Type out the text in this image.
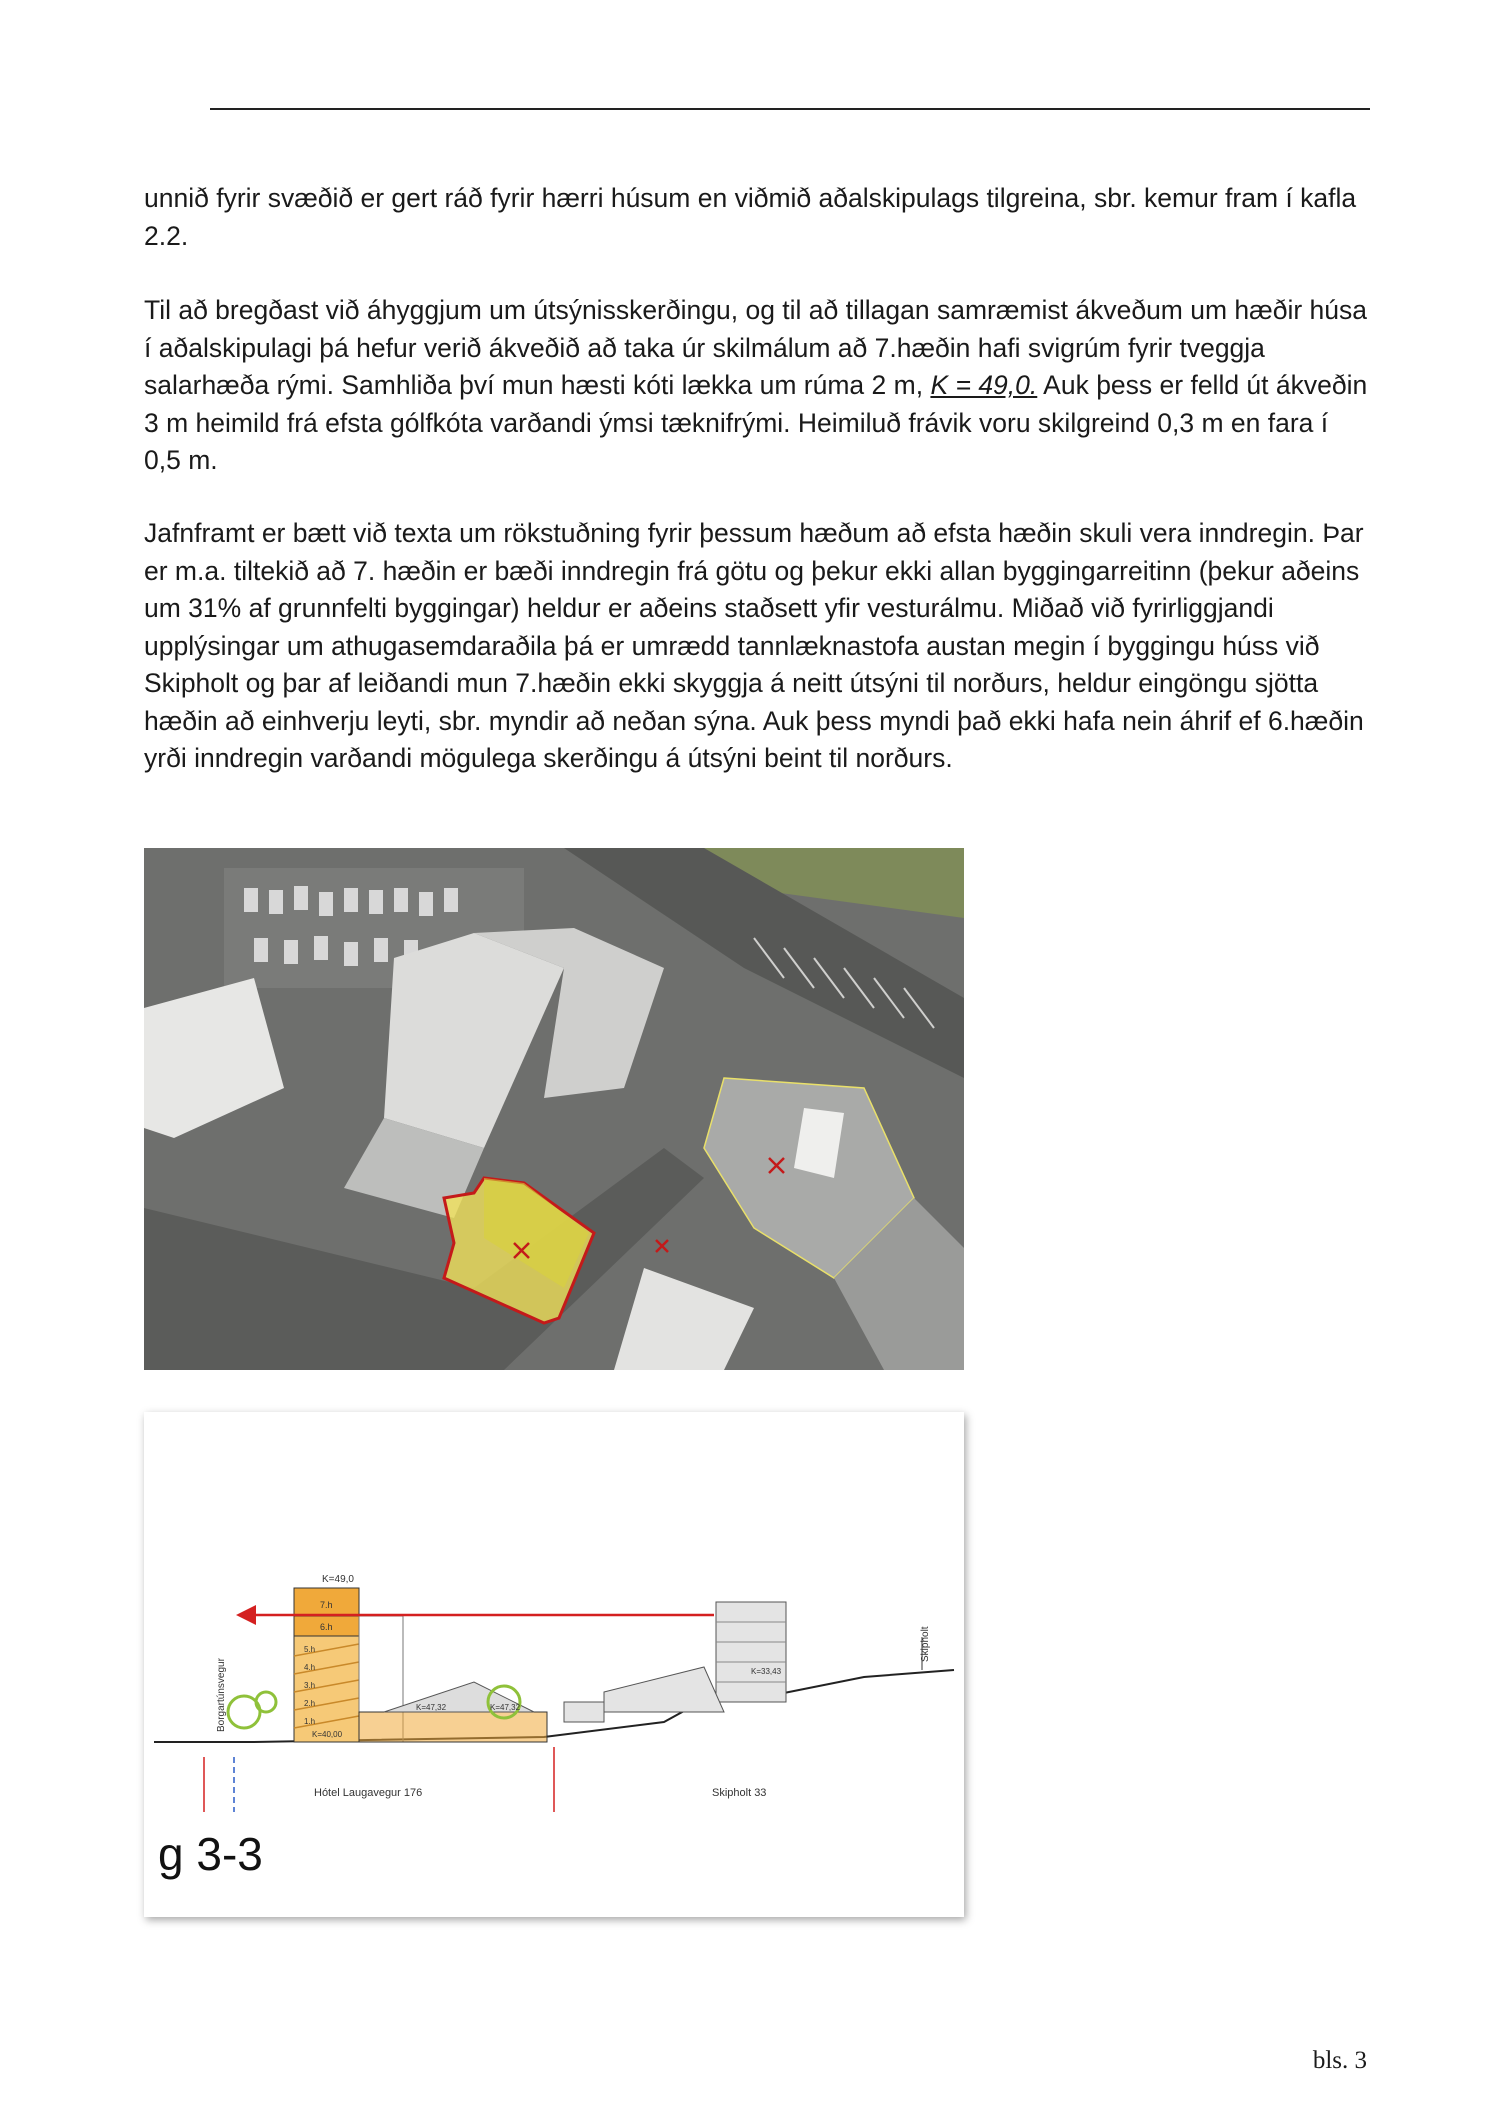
unnið fyrir svæðið er gert ráð fyrir hærri húsum en viðmið aðalskipulags tilgreina, sbr. kemur fram í kafla 2.2.

Til að bregðast við áhyggjum um útsýnisskerðingu, og til að tillagan samræmist ákveðum um hæðir húsa í aðalskipulagi þá hefur verið ákveðið að taka úr skilmálum að 7.hæðin hafi svigrúm fyrir tveggja salarhæða rými. Samhliða því mun hæsti kóti lækka um rúma 2 m, K = 49,0. Auk þess er felld út ákveðin 3 m heimild frá efsta gólfkóta varðandi ýmsi tæknifrými. Heimiluð frávik voru skilgreind 0,3 m en fara í 0,5 m.

Jafnframt er bætt við texta um rökstuðning fyrir þessum hæðum að efsta hæðin skuli vera inndregin. Þar er m.a. tiltekið að 7. hæðin er bæði inndregin frá götu og þekur ekki allan byggingarreitinn (þekur aðeins um 31% af grunnfelti byggingar) heldur er aðeins staðsett yfir vesturálmu. Miðað við fyrirliggjandi upplýsingar um athugasemdaraðila þá er umrædd tannlæknastofa austan megin í byggingu húss við Skipholt og þar af leiðandi mun 7.hæðin ekki skyggja á neitt útsýni til norðurs, heldur eingöngu sjötta hæðin að einhverju leyti, sbr. myndir að neðan sýna. Auk þess myndi það ekki hafa nein áhrif ef 6.hæðin yrði inndregin varðandi mögulega skerðingu á útsýni beint til norðurs.

K=49,0
7.h
6.h
5.h
4.h
3.h
2.h
1.h
K=47,32	K=47,32
K=33,43
K=40,00
Borgartúnsvegur
Skipholt
Hótel Laugavegur 176	Skipholt 33
g 3-3
bls. 3
